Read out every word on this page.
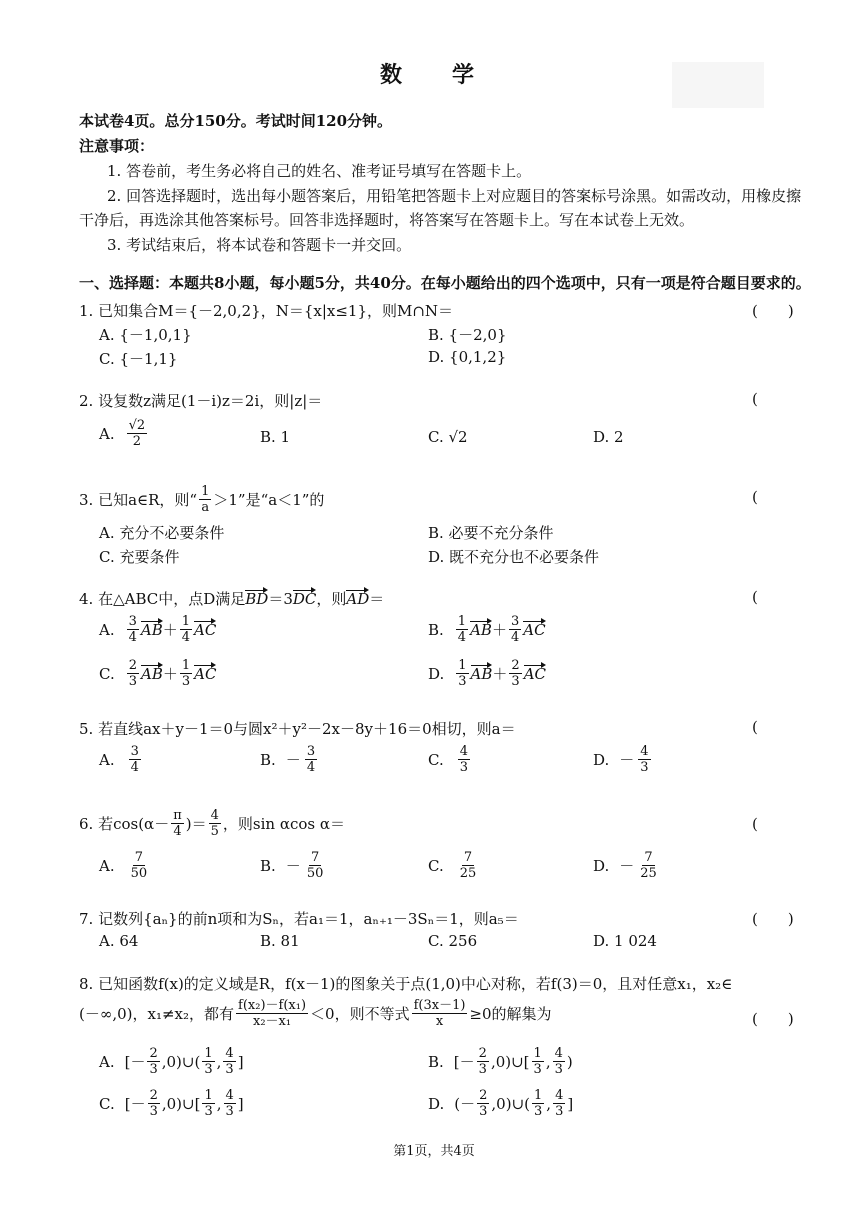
数　学
本试卷4页。总分150分。考试时间120分钟。
注意事项：
1. 答卷前，考生务必将自己的姓名、准考证号填写在答题卡上。
2. 回答选择题时，选出每小题答案后，用铅笔把答题卡上对应题目的答案标号涂黑。如需改动，用橡皮擦
干净后，再选涂其他答案标号。回答非选择题时，将答案写在答题卡上。写在本试卷上无效。
3. 考试结束后，将本试卷和答题卡一并交回。
一、选择题：本题共8小题，每小题5分，共40分。在每小题给出的四个选项中，只有一项是符合题目要求的。
1. 已知集合M＝{－2,0,2}，N＝{x|x≤1}，则M∩N＝	(　　)
A. {－1,0,1}	B. {－2,0}
C. {－1,1}	D. {0,1,2}
2. 设复数z满足(1－i)z＝2i，则|z|＝	(
A. $\frac{√2}{2}$	B. 1	C. √2	D. 2
3. 已知a∈R，则“ $\frac{1}{a} >1$”是“a＜1”的	(
A. 充分不必要条件	B. 必要不充分条件
C. 充要条件	D. 既不充分也不必要条件
4. 在△ABC中，点D满足BD＝3DC，则AD＝	(
A. $\frac{3}{4}$ AB ＋ $\frac{1}{4}$ AC	B. $\frac{1}{4}$ AB ＋ $\frac{3}{4}$ AC
C. $\frac{2}{3}$ AB ＋ $\frac{1}{3}$ AC	D. $\frac{1}{3}$ AB ＋ $\frac{2}{3}$ AC
5. 若直线ax＋y－1＝0与圆x²＋y²－2x－8y＋16＝0相切，则a＝	(
A. $\frac{3}{4}$	B. － $\frac{3}{4}$	C. $\frac{4}{3}$	D. － $\frac{4}{3}$
6. 若$\cos(\alpha- \frac{\pi}{4}$ )＝ $\frac{4}{5}$ ，则sin αcos α＝	(
A. $\frac{7}{50}$	B. － $\frac{7}{50}$	C. $\frac{7}{25}$	D. － $\frac{7}{25}$
7. 记数列{aₙ}的前n项和为Sₙ，若a₁＝1，aₙ₊₁－3Sₙ＝1，则a₅＝	(　　)
A. 64	B. 81	C. 256	D. 1 024
8. 已知函数f(x)的定义域是R，f(x－1)的图象关于点(1,0)中心对称，若f(3)＝0，且对任意x₁，x₂∈
(－∞,0)，x₁≠x₂，都有 $\frac{\text{f(x₂)－f(x₁)}}{\text{x₂－x₁}} <0$，则不等式 $\frac{f(3x-1)}{x} \ge 0$的解集为	(　　)
A. [－ $\frac{2}{3}$ ,0)∪( $\frac{1}{3}$ , $\frac{4}{3}$ ]	B. [－ $\frac{2}{3}$ ,0)∪[ $\frac{1}{3}$ , $\frac{4}{3}$ )
C. [－ $\frac{2}{3}$ ,0)∪[ $\frac{1}{3}$ , $\frac{4}{3}$ ]	D. (－ $\frac{2}{3}$ ,0)∪( $\frac{1}{3}$ , $\frac{4}{3}$ ]
第1页，共4页
